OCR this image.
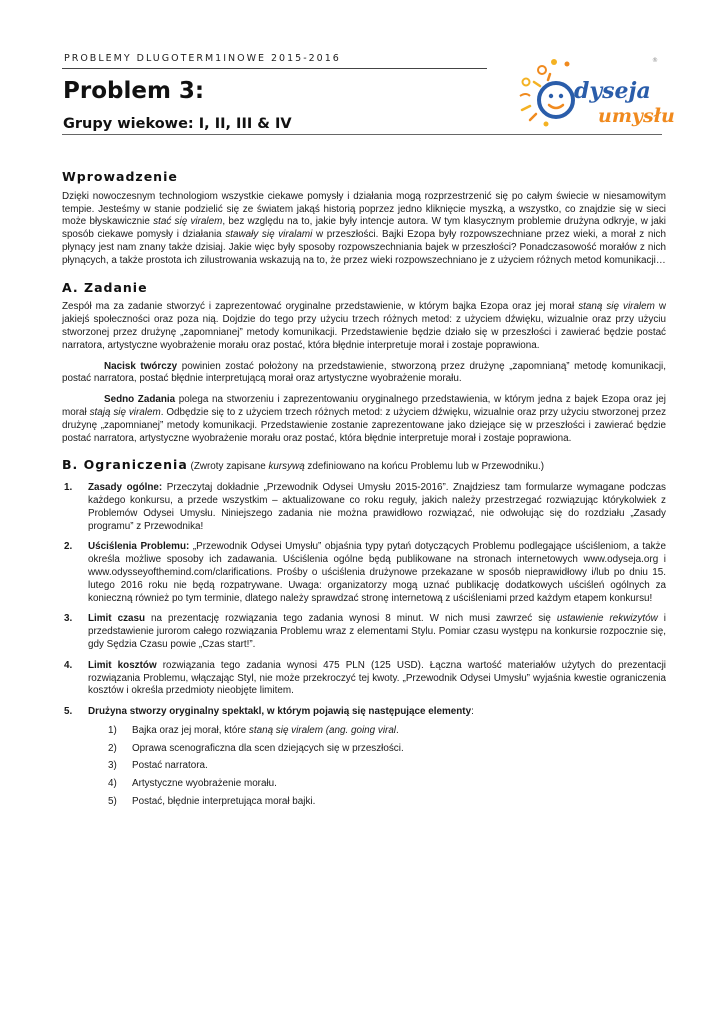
PROBLEMY DLUGOTERM1INOWE 2015-2016
Problem 3:
Grupy wiekowe: I, II, III & IV
dyseja
umysłu
®
Wprowadzenie

Dzięki nowoczesnym technologiom wszystkie ciekawe pomysły i działania mogą rozprzestrzenić się po całym świecie w niesamowitym tempie. Jesteśmy w stanie podzielić się ze światem jakąś historią poprzez jedno kliknięcie myszką, a wszystko, co znajdzie się w sieci może błyskawicznie stać się viralem, bez względu na to, jakie były intencje autora. W tym klasycznym problemie drużyna odkryje, w jaki sposób ciekawe pomysły i działania stawały się viralami w przeszłości. Bajki Ezopa były rozpowszechniane przez wieki, a morał z nich płynący jest nam znany także dzisiaj. Jakie więc były sposoby rozpowszechniania bajek w przeszłości? Ponadczasowość morałów z nich płynących, a także prostota ich zilustrowania wskazują na to, że przez wieki rozpowszechniano je z użyciem różnych metod komunikacji…

A. Zadanie

Zespół ma za zadanie stworzyć i zaprezentować oryginalne przedstawienie, w którym bajka Ezopa oraz jej morał staną się viralem w jakiejś społeczności oraz poza nią. Dojdzie do tego przy użyciu trzech różnych metod: z użyciem dźwięku, wizualnie oraz przy użyciu stworzonej przez drużynę „zapomnianej” metody komunikacji. Przedstawienie będzie działo się w przeszłości i zawierać będzie postać narratora, artystyczne wyobrażenie morału oraz postać, która błędnie interpretuje morał i zostaje poprawiona.

Nacisk twórczy powinien zostać położony na przedstawienie, stworzoną przez drużynę „zapomnianą” metodę komunikacji, postać narratora, postać błędnie interpretującą morał oraz artystyczne wyobrażenie morału.

Sedno Zadania polega na stworzeniu i zaprezentowaniu oryginalnego przedstawienia, w którym jedna z bajek Ezopa oraz jej morał stają się viralem. Odbędzie się to z użyciem trzech różnych metod: z użyciem dźwięku, wizualnie oraz przy użyciu stworzonej przez drużynę „zapomnianej” metody komunikacji. Przedstawienie zostanie zaprezentowane jako dziejące się w przeszłości i zawierać będzie postać narratora, artystyczne wyobrażenie morału oraz postać, która błędnie interpretuje morał i zostaje poprawiona.

B. Ograniczenia (Zwroty zapisane kursywą zdefiniowano na końcu Problemu lub w Przewodniku.)
1. Zasady ogólne: Przeczytaj dokładnie „Przewodnik Odysei Umysłu 2015-2016”. Znajdziesz tam formularze wymagane podczas każdego konkursu, a przede wszystkim – aktualizowane co roku reguły, jakich należy przestrzegać rozwiązując którykolwiek z Problemów Odysei Umysłu. Niniejszego zadania nie można prawidłowo rozwiązać, nie odwołując się do rozdziału „Zasady programu” z Przewodnika!
2. Uściślenia Problemu: „Przewodnik Odysei Umysłu” objaśnia typy pytań dotyczących Problemu podlegające uściśleniom, a także określa możliwe sposoby ich zadawania. Uściślenia ogólne będą publikowane na stronach internetowych www.odyseja.org i www.odysseyofthemind.com/clarifications. Prośby o uściślenia drużynowe przekazane w sposób nieprawidłowy i/lub po dniu 15. lutego 2016 roku nie będą rozpatrywane. Uwaga: organizatorzy mogą uznać publikację dodatkowych uściśleń ogólnych za konieczną również po tym terminie, dlatego należy sprawdzać stronę internetową z uściśleniami przed każdym etapem konkursu!
3. Limit czasu na prezentację rozwiązania tego zadania wynosi 8 minut. W nich musi zawrzeć się ustawienie rekwizytów i przedstawienie jurorom całego rozwiązania Problemu wraz z elementami Stylu. Pomiar czasu występu na konkursie rozpocznie się, gdy Sędzia Czasu powie „Czas start!”.
4. Limit kosztów rozwiązania tego zadania wynosi 475 PLN (125 USD). Łączna wartość materiałów użytych do prezentacji rozwiązania Problemu, włączając Styl, nie może przekroczyć tej kwoty. „Przewodnik Odysei Umysłu” wyjaśnia kwestie ograniczenia kosztów i określa przedmioty nieobjęte limitem.
5. Drużyna stworzy oryginalny spektakl, w którym pojawią się następujące elementy:
1) Bajka oraz jej morał, które staną się viralem (ang. going viral.
2) Oprawa scenograficzna dla scen dziejących się w przeszłości.
3) Postać narratora.
4) Artystyczne wyobrażenie morału.
5) Postać, błędnie interpretująca morał bajki.
